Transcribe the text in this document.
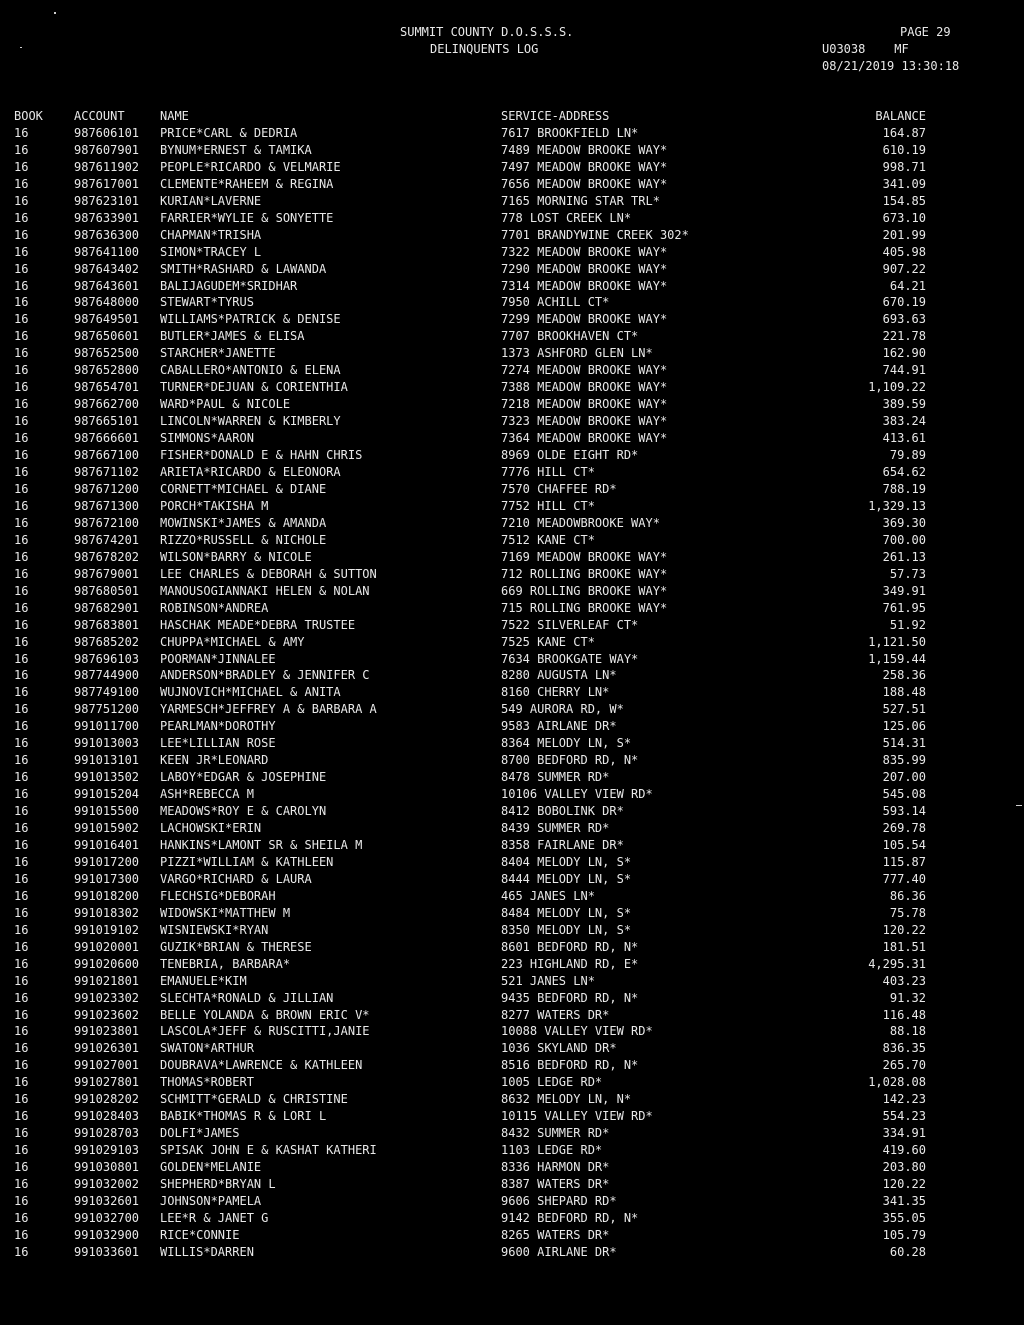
SUMMIT COUNTY D.O.S.S.S.
DELINQUENTS LOG
PAGE 29
U03038    MF
08/21/2019 13:30:18
BOOK	ACCOUNT	NAME	SERVICE-ADDRESS	BALANCE
16	987606101	PRICE*CARL & DEDRIA	7617 BROOKFIELD LN*	164.87
16	987607901	BYNUM*ERNEST & TAMIKA	7489 MEADOW BROOKE WAY*	610.19
16	987611902	PEOPLE*RICARDO & VELMARIE	7497 MEADOW BROOKE WAY*	998.71
16	987617001	CLEMENTE*RAHEEM & REGINA	7656 MEADOW BROOKE WAY*	341.09
16	987623101	KURIAN*LAVERNE	7165 MORNING STAR TRL*	154.85
16	987633901	FARRIER*WYLIE & SONYETTE	778 LOST CREEK LN*	673.10
16	987636300	CHAPMAN*TRISHA	7701 BRANDYWINE CREEK 302*	201.99
16	987641100	SIMON*TRACEY L	7322 MEADOW BROOKE WAY*	405.98
16	987643402	SMITH*RASHARD & LAWANDA	7290 MEADOW BROOKE WAY*	907.22
16	987643601	BALIJAGUDEM*SRIDHAR	7314 MEADOW BROOKE WAY*	64.21
16	987648000	STEWART*TYRUS	7950 ACHILL CT*	670.19
16	987649501	WILLIAMS*PATRICK & DENISE	7299 MEADOW BROOKE WAY*	693.63
16	987650601	BUTLER*JAMES & ELISA	7707 BROOKHAVEN CT*	221.78
16	987652500	STARCHER*JANETTE	1373 ASHFORD GLEN LN*	162.90
16	987652800	CABALLERO*ANTONIO & ELENA	7274 MEADOW BROOKE WAY*	744.91
16	987654701	TURNER*DEJUAN & CORIENTHIA	7388 MEADOW BROOKE WAY*	1,109.22
16	987662700	WARD*PAUL & NICOLE	7218 MEADOW BROOKE WAY*	389.59
16	987665101	LINCOLN*WARREN & KIMBERLY	7323 MEADOW BROOKE WAY*	383.24
16	987666601	SIMMONS*AARON	7364 MEADOW BROOKE WAY*	413.61
16	987667100	FISHER*DONALD E & HAHN CHRIS	8969 OLDE EIGHT RD*	79.89
16	987671102	ARIETA*RICARDO & ELEONORA	7776 HILL CT*	654.62
16	987671200	CORNETT*MICHAEL & DIANE	7570 CHAFFEE RD*	788.19
16	987671300	PORCH*TAKISHA M	7752 HILL CT*	1,329.13
16	987672100	MOWINSKI*JAMES & AMANDA	7210 MEADOWBROOKE WAY*	369.30
16	987674201	RIZZO*RUSSELL & NICHOLE	7512 KANE CT*	700.00
16	987678202	WILSON*BARRY & NICOLE	7169 MEADOW BROOKE WAY*	261.13
16	987679001	LEE CHARLES & DEBORAH & SUTTON	712 ROLLING BROOKE WAY*	57.73
16	987680501	MANOUSOGIANNAKI HELEN & NOLAN	669 ROLLING BROOKE WAY*	349.91
16	987682901	ROBINSON*ANDREA	715 ROLLING BROOKE WAY*	761.95
16	987683801	HASCHAK MEADE*DEBRA TRUSTEE	7522 SILVERLEAF CT*	51.92
16	987685202	CHUPPA*MICHAEL & AMY	7525 KANE CT*	1,121.50
16	987696103	POORMAN*JINNALEE	7634 BROOKGATE WAY*	1,159.44
16	987744900	ANDERSON*BRADLEY & JENNIFER C	8280 AUGUSTA LN*	258.36
16	987749100	WUJNOVICH*MICHAEL & ANITA	8160 CHERRY LN*	188.48
16	987751200	YARMESCH*JEFFREY A & BARBARA A	549 AURORA RD, W*	527.51
16	991011700	PEARLMAN*DOROTHY	9583 AIRLANE DR*	125.06
16	991013003	LEE*LILLIAN ROSE	8364 MELODY LN, S*	514.31
16	991013101	KEEN JR*LEONARD	8700 BEDFORD RD, N*	835.99
16	991013502	LABOY*EDGAR & JOSEPHINE	8478 SUMMER RD*	207.00
16	991015204	ASH*REBECCA M	10106 VALLEY VIEW RD*	545.08
16	991015500	MEADOWS*ROY E & CAROLYN	8412 BOBOLINK DR*	593.14
16	991015902	LACHOWSKI*ERIN	8439 SUMMER RD*	269.78
16	991016401	HANKINS*LAMONT SR & SHEILA M	8358 FAIRLANE DR*	105.54
16	991017200	PIZZI*WILLIAM & KATHLEEN	8404 MELODY LN, S*	115.87
16	991017300	VARGO*RICHARD & LAURA	8444 MELODY LN, S*	777.40
16	991018200	FLECHSIG*DEBORAH	465 JANES LN*	86.36
16	991018302	WIDOWSKI*MATTHEW M	8484 MELODY LN, S*	75.78
16	991019102	WISNIEWSKI*RYAN	8350 MELODY LN, S*	120.22
16	991020001	GUZIK*BRIAN & THERESE	8601 BEDFORD RD, N*	181.51
16	991020600	TENEBRIA, BARBARA*	223 HIGHLAND RD, E*	4,295.31
16	991021801	EMANUELE*KIM	521 JANES LN*	403.23
16	991023302	SLECHTA*RONALD & JILLIAN	9435 BEDFORD RD, N*	91.32
16	991023602	BELLE YOLANDA & BROWN ERIC V*	8277 WATERS DR*	116.48
16	991023801	LASCOLA*JEFF & RUSCITTI,JANIE	10088 VALLEY VIEW RD*	88.18
16	991026301	SWATON*ARTHUR	1036 SKYLAND DR*	836.35
16	991027001	DOUBRAVA*LAWRENCE & KATHLEEN	8516 BEDFORD RD, N*	265.70
16	991027801	THOMAS*ROBERT	1005 LEDGE RD*	1,028.08
16	991028202	SCHMITT*GERALD & CHRISTINE	8632 MELODY LN, N*	142.23
16	991028403	BABIK*THOMAS R & LORI L	10115 VALLEY VIEW RD*	554.23
16	991028703	DOLFI*JAMES	8432 SUMMER RD*	334.91
16	991029103	SPISAK JOHN E & KASHAT KATHERI	1103 LEDGE RD*	419.60
16	991030801	GOLDEN*MELANIE	8336 HARMON DR*	203.80
16	991032002	SHEPHERD*BRYAN L	8387 WATERS DR*	120.22
16	991032601	JOHNSON*PAMELA	9606 SHEPARD RD*	341.35
16	991032700	LEE*R & JANET G	9142 BEDFORD RD, N*	355.05
16	991032900	RICE*CONNIE	8265 WATERS DR*	105.79
16	991033601	WILLIS*DARREN	9600 AIRLANE DR*	60.28
